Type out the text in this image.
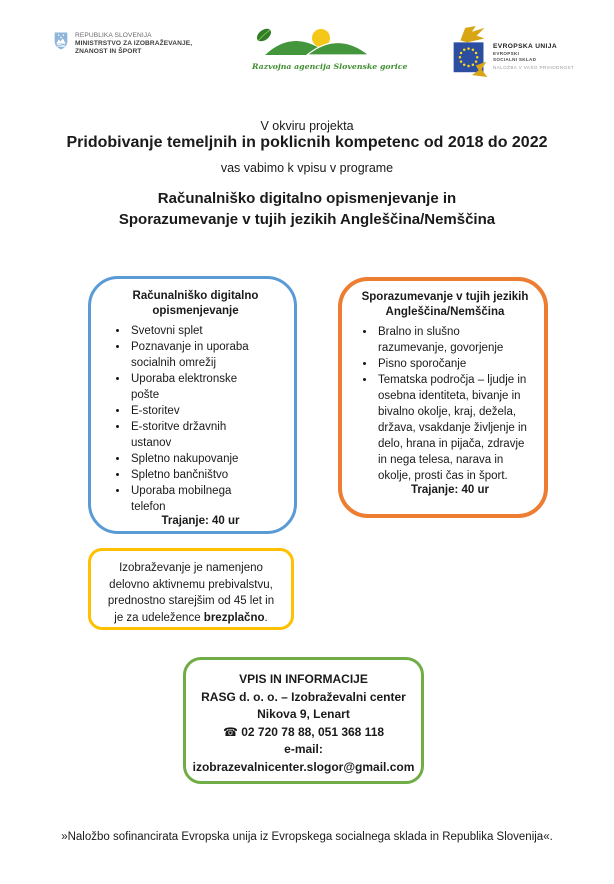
REPUBLIKA SLOVENIJA
MINISTRSTVO ZA IZOBRAŽEVANJE,
ZNANOST IN ŠPORT
Razvojna agencija Slovenske gorice
EVROPSKA UNIJA
EVROPSKI
SOCIALNI SKLAD
NALOŽBA V VAŠO PRIHODNOST
V okviru projekta
Pridobivanje temeljnih in poklicnih kompetenc od 2018 do 2022
vas vabimo k vpisu v programe
Računalniško digitalno opismenjevanje in
Sporazumevanje v tujih jezikih Angleščina/Nemščina
Računalniško digitalno
opismenjevanje
• Svetovni splet
• Poznavanje in uporaba socialnih omrežij
• Uporaba elektronske pošte
• E-storitev
• E-storitve državnih ustanov
• Spletno nakupovanje
• Spletno bančništvo
• Uporaba mobilnega telefon
Trajanje: 40 ur
Sporazumevanje v tujih jezikih
Angleščina/Nemščina
• Bralno in slušno razumevanje, govorjenje
• Pisno sporočanje
• Tematska področja – ljudje in osebna identiteta, bivanje in bivalno okolje, kraj, dežela, država, vsakdanje življenje in delo, hrana in pijača, zdravje in nega telesa, narava in okolje, prosti čas in šport.
Trajanje: 40 ur
Izobraževanje je namenjeno delovno aktivnemu prebivalstvu, prednostno starejšim od 45 let in je za udeležence brezplačno.
VPIS IN INFORMACIJE
RASG d. o. o. – Izobraževalni center
Nikova 9, Lenart
☎ 02 720 78 88, 051 368 118
e-mail:
izobrazevalnicenter.slogor@gmail.com
»Naložbo sofinancirata Evropska unija iz Evropskega socialnega sklada in Republika Slovenija«.
